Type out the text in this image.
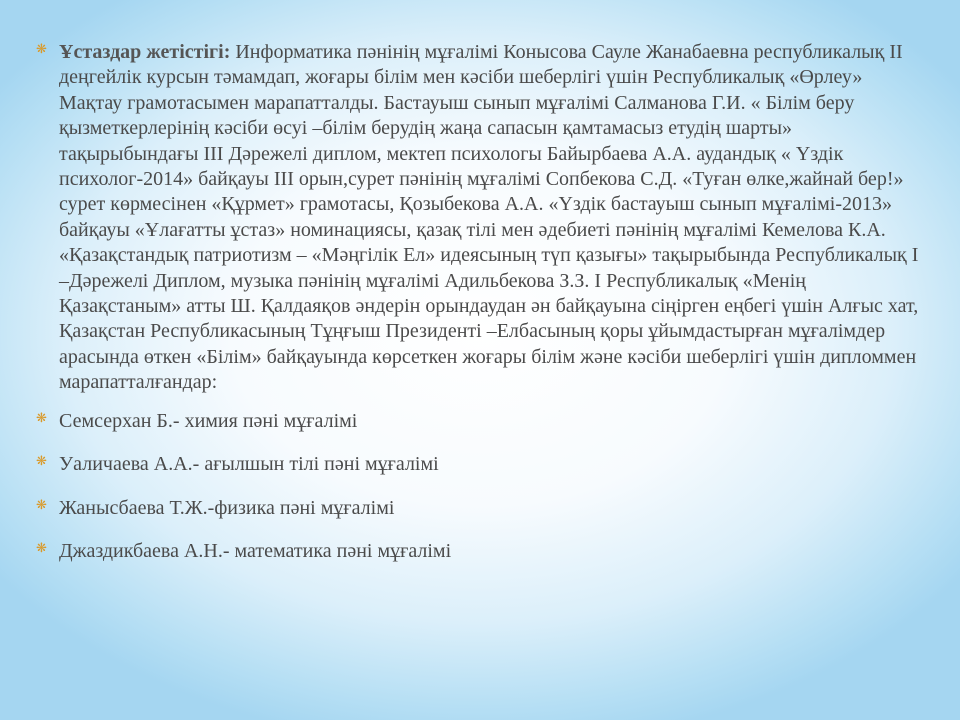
❋ Ұстаздар жетістігі: Информатика пәнінің мұғалімі Конысова Сауле Жанабаевна республикалық II деңгейлік курсын тәмамдап, жоғары білім мен кәсіби шеберлігі үшін Республикалық «Өрлеу» Мақтау грамотасымен марапатталды. Бастауыш сынып мұғалімі Салманова Г.И. « Білім беру қызметкерлерінің кәсіби өсуі –білім берудің жаңа сапасын қамтамасыз етудің шарты» тақырыбындағы III Дәрежелі диплом, мектеп психологы Байырбаева А.А. аудандық « Үздік психолог-2014» байқауы III орын,сурет пәнінің мұғалімі Сопбекова С.Д. «Туған өлке,жайнай бер!» сурет көрмесінен «Құрмет» грамотасы, Қозыбекова А.А. «Үздік бастауыш сынып мұғалімі-2013» байқауы «Ұлағатты ұстаз» номинациясы, қазақ тілі мен әдебиеті пәнінің мұғалімі Кемелова К.А. «Қазақстандық патриотизм – «Мәңгілік Ел» идеясының түп қазығы» тақырыбында Республикалық I –Дәрежелі Диплом, музыка пәнінің мұғалімі Адильбекова З.З. I Республикалық «Менің Қазақстаным» атты Ш. Қалдаяқов әндерін орындаудан ән байқауына сіңірген еңбегі үшін Алғыс хат, Қазақстан Республикасының Тұңғыш Президенті –Елбасының қоры ұйымдастырған мұғалімдер арасында өткен «Білім» байқауында көрсеткен жоғары білім және кәсіби шеберлігі үшін дипломмен марапатталғандар:

❋ Семсерхан Б.- химия пәні мұғалімі

❋ Уаличаева А.А.- ағылшын тілі пәні мұғалімі

❋ Жанысбаева Т.Ж.-физика пәні мұғалімі

❋ Джаздикбаева А.Н.- математика пәні мұғалімі
